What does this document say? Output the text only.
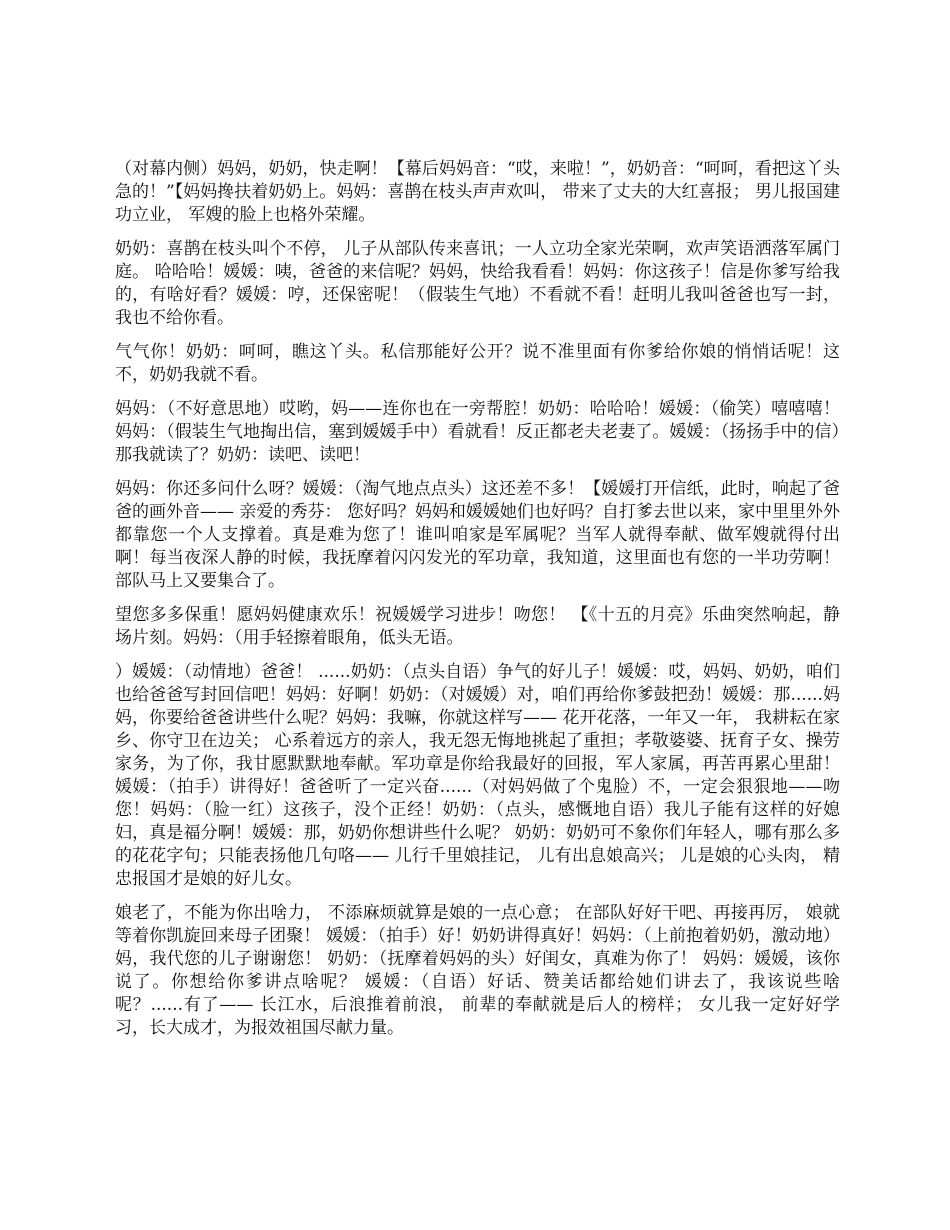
（对幕内侧）妈妈，奶奶，快走啊！【幕后妈妈音：“哎，来啦！”，奶奶音：“呵呵，看把这丫头急的！”【妈妈搀扶着奶奶上。妈妈：喜鹊在枝头声声欢叫， 带来了丈夫的大红喜报； 男儿报国建功立业， 军嫂的脸上也格外荣耀。

奶奶：喜鹊在枝头叫个不停， 儿子从部队传来喜讯；一人立功全家光荣啊，欢声笑语洒落军属门庭。 哈哈哈！媛媛：咦，爸爸的来信呢？妈妈，快给我看看！妈妈：你这孩子！信是你爹写给我的，有啥好看？媛媛：哼，还保密呢！（假装生气地）不看就不看！赶明儿我叫爸爸也写一封，我也不给你看。

气气你！奶奶：呵呵，瞧这丫头。私信那能好公开？说不准里面有你爹给你娘的悄悄话呢！这不，奶奶我就不看。

妈妈：（不好意思地）哎哟，妈——连你也在一旁帮腔！奶奶：哈哈哈！媛媛：（偷笑）嘻嘻嘻！妈妈：（假装生气地掏出信，塞到媛媛手中）看就看！反正都老夫老妻了。媛媛：（扬扬手中的信）那我就读了？奶奶：读吧、读吧！

妈妈：你还多问什么呀？媛媛：（淘气地点点头）这还差不多！【媛媛打开信纸，此时，响起了爸爸的画外音—— 亲爱的秀芬： 您好吗？妈妈和媛媛她们也好吗？自打爹去世以来，家中里里外外都靠您一个人支撑着。真是难为您了！谁叫咱家是军属呢？当军人就得奉献、做军嫂就得付出啊！每当夜深人静的时候，我抚摩着闪闪发光的军功章，我知道，这里面也有您的一半功劳啊！ 部队马上又要集合了。

望您多多保重！愿妈妈健康欢乐！祝媛媛学习进步！吻您！ 【《十五的月亮》乐曲突然响起，静场片刻。妈妈：（用手轻擦着眼角，低头无语。

）媛媛：（动情地）爸爸！ ......奶奶：（点头自语）争气的好儿子！媛媛：哎，妈妈、奶奶，咱们也给爸爸写封回信吧！妈妈：好啊！奶奶：（对媛媛）对，咱们再给你爹鼓把劲！媛媛：那......妈妈，你要给爸爸讲些什么呢？妈妈：我嘛，你就这样写—— 花开花落，一年又一年， 我耕耘在家乡、你守卫在边关； 心系着远方的亲人，我无怨无悔地挑起了重担；孝敬婆婆、抚育子女、操劳家务，为了你，我甘愿默默地奉献。军功章是你给我最好的回报，军人家属，再苦再累心里甜！ 媛媛：（拍手）讲得好！爸爸听了一定兴奋......（对妈妈做了个鬼脸）不，一定会狠狠地——吻您！妈妈：（脸一红）这孩子，没个正经！奶奶：（点头，感慨地自语）我儿子能有这样的好媳妇，真是福分啊！媛媛：那，奶奶你想讲些什么呢？ 奶奶：奶奶可不象你们年轻人，哪有那么多的花花字句；只能表扬他几句咯—— 儿行千里娘挂记， 儿有出息娘高兴； 儿是娘的心头肉， 精忠报国才是娘的好儿女。

娘老了，不能为你出啥力， 不添麻烦就算是娘的一点心意； 在部队好好干吧、再接再厉， 娘就等着你凯旋回来母子团聚！ 媛媛：（拍手）好！奶奶讲得真好！妈妈：（上前抱着奶奶，激动地）妈，我代您的儿子谢谢您！ 奶奶：（抚摩着妈妈的头）好闺女，真难为你了！ 妈妈：媛媛，该你说了。你想给你爹讲点啥呢？ 媛媛：（自语）好话、赞美话都给她们讲去了，我该说些啥呢？......有了—— 长江水，后浪推着前浪， 前辈的奉献就是后人的榜样； 女儿我一定好好学习，长大成才，为报效祖国尽献力量。
